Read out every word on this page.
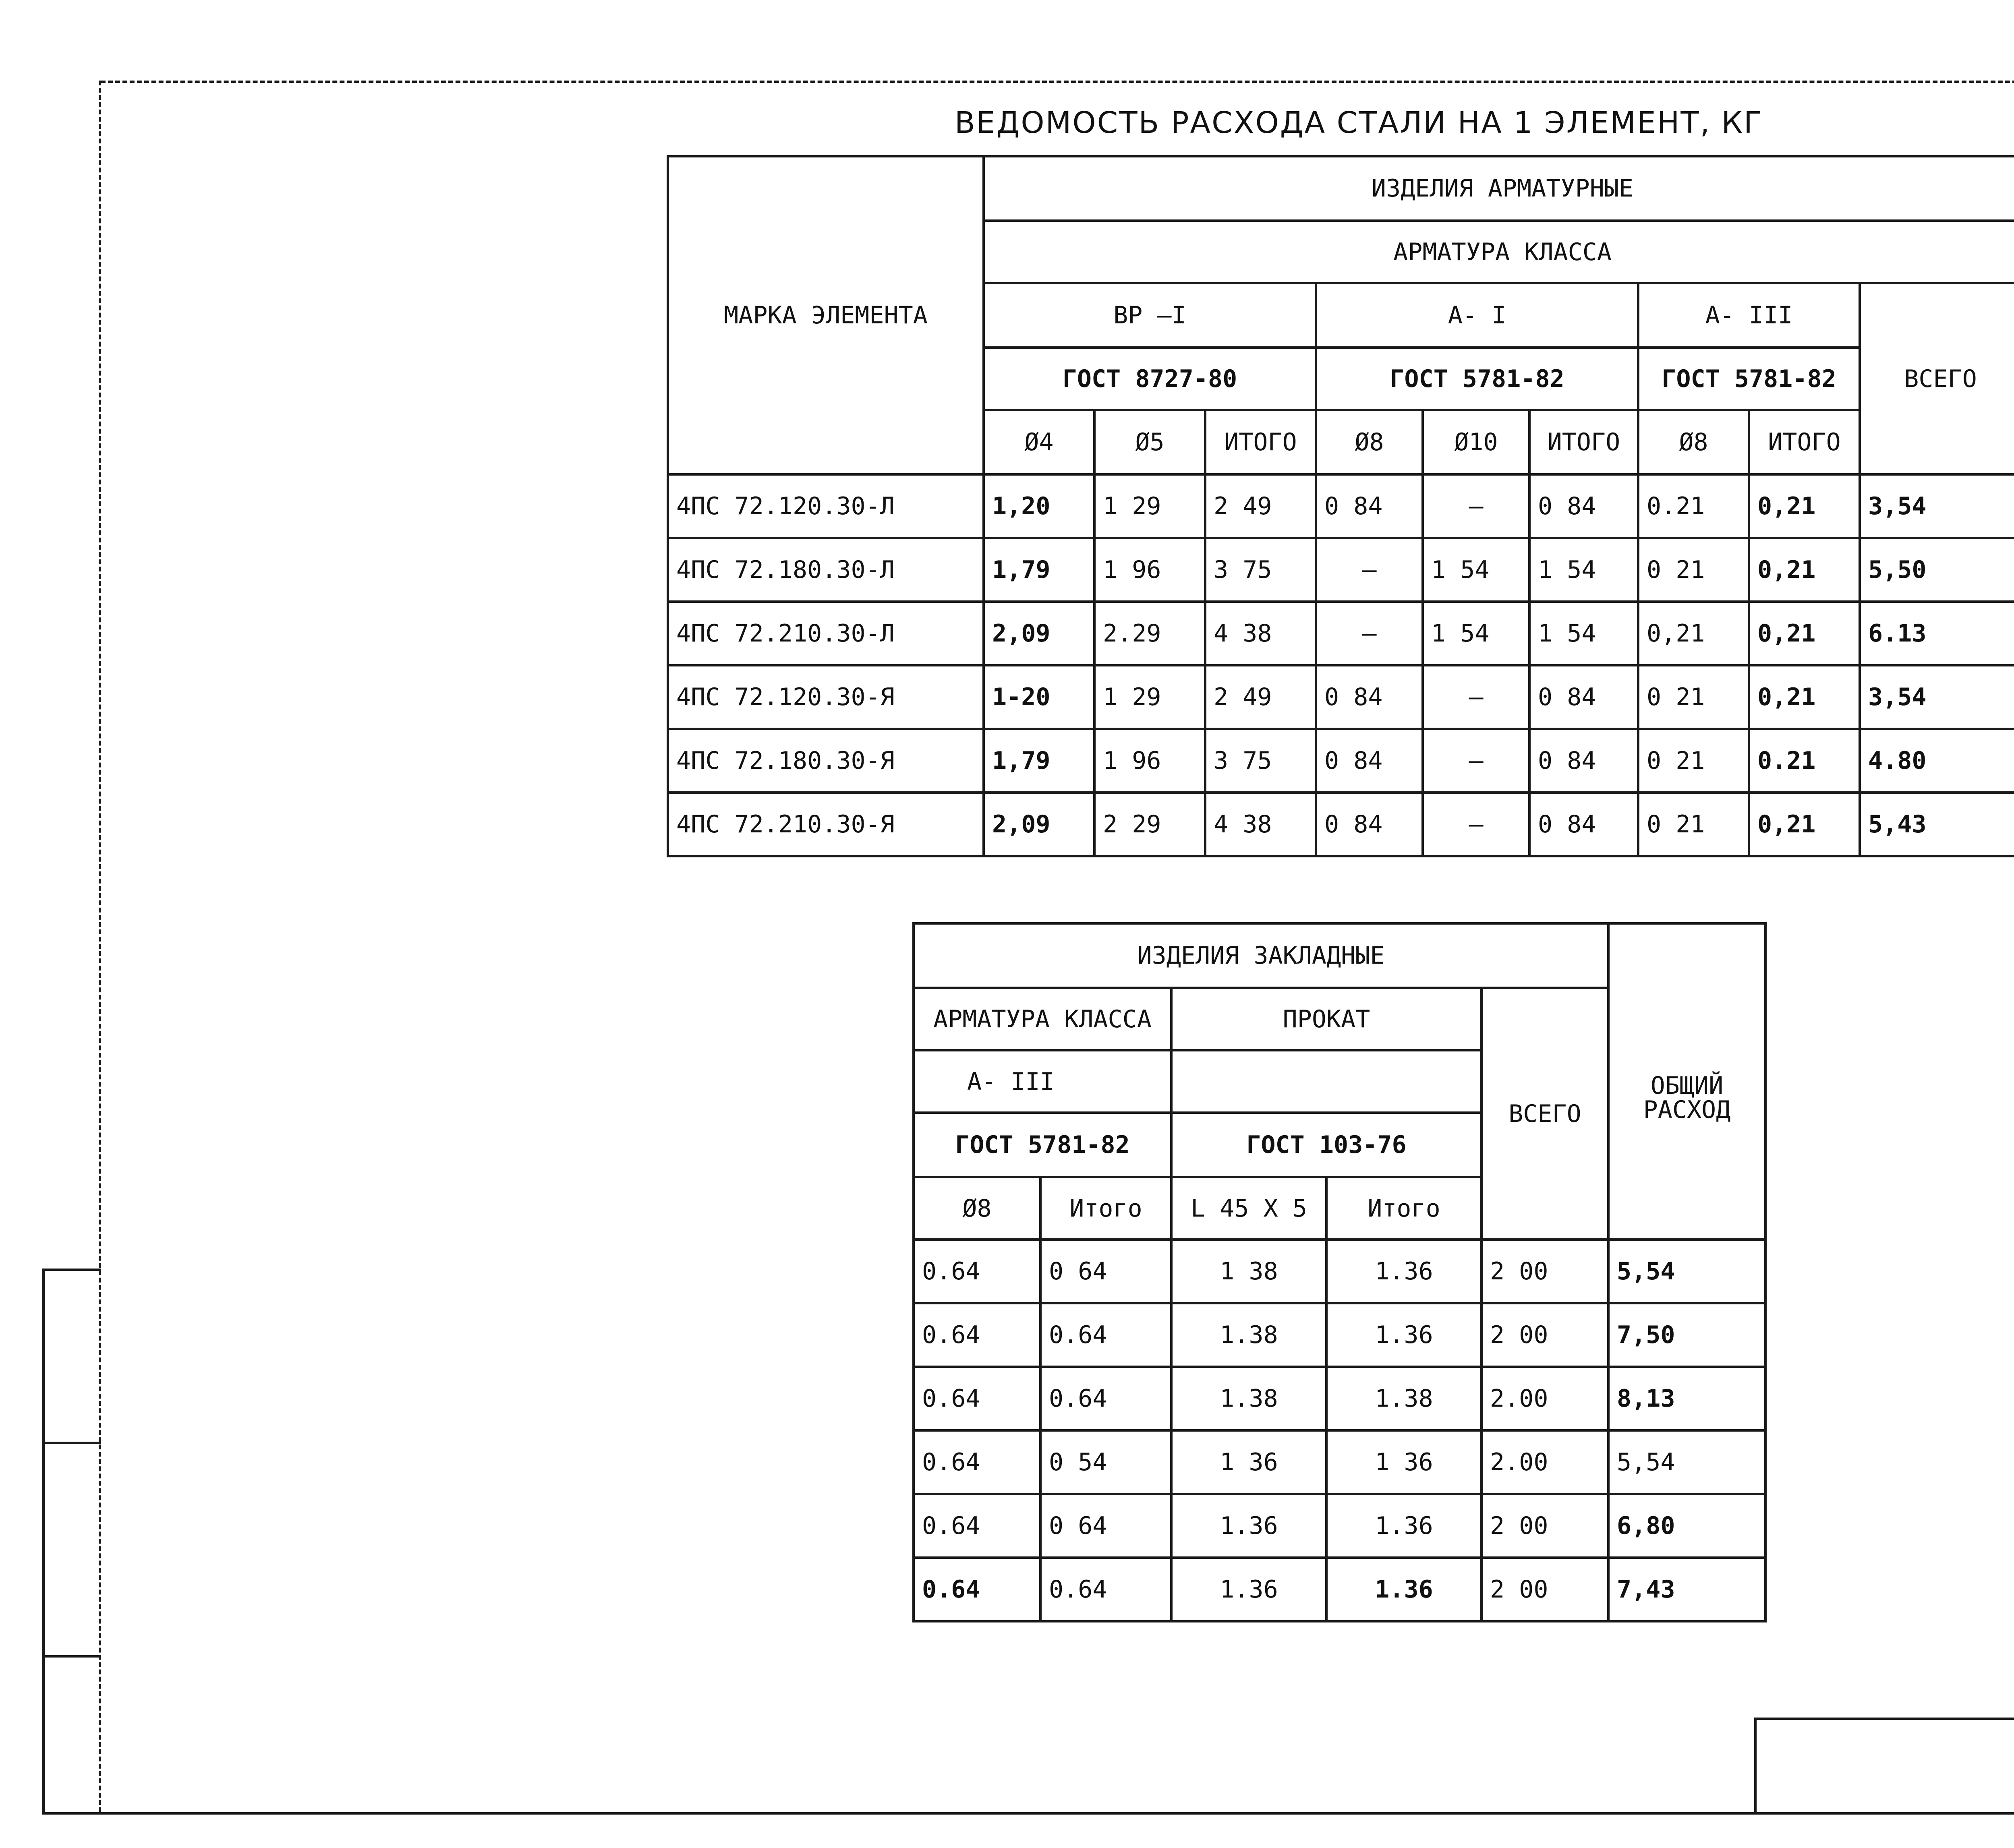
ВЕДОМОСТЬ РАСХОДА СТАЛИ НА 1 ЭЛЕМЕНТ, КГ
МАРКА ЭЛЕМЕНТА	ИЗДЕЛИЯ АРМАТУРНЫЕ								
	АРМАТУРА КЛАССА								
	ВР –I			А- I			А- III		ВСЕГО
	ГОСТ 8727-80			ГОСТ 5781-82			ГОСТ 5781-82		
	Ø4	Ø5	ИТОГО	Ø8	Ø10	ИТОГО	Ø8	ИТОГО	
4ПС 72.120.30-Л	1,20	1 29	2 49	0 84	—	0 84	0.21	0,21	3,54
4ПС 72.180.30-Л	1,79	1 96	3 75	—	1 54	1 54	0 21	0,21	5,50
4ПС 72.210.30-Л	2,09	2.29	4 38	—	1 54	1 54	0,21	0,21	6.13
4ПС 72.120.30-Я	1-20	1 29	2 49	0 84	—	0 84	0 21	0,21	3,54
4ПС 72.180.30-Я	1,79	1 96	3 75	0 84	—	0 84	0 21	0.21	4.80
4ПС 72.210.30-Я	2,09	2 29	4 38	0 84	—	0 84	0 21	0,21	5,43
ИЗДЕЛИЯ ЗАКЛАДНЫЕ					ОБЩИЙ РАСХОД
АРМАТУРА КЛАССА		ПРОКАТ		ВСЕГО	
А- III					
ГОСТ 5781-82		ГОСТ 103-76			
Ø8	Итого	L 45 X 5	Итого		
0.64	0 64	1 38	1.36	2 00	5,54
0.64	0.64	1.38	1.36	2 00	7,50
0.64	0.64	1.38	1.38	2.00	8,13
0.64	0 54	1 36	1 36	2.00	5,54
0.64	0 64	1.36	1.36	2 00	6,80
0.64	0.64	1.36	1.36	2 00	7,43
